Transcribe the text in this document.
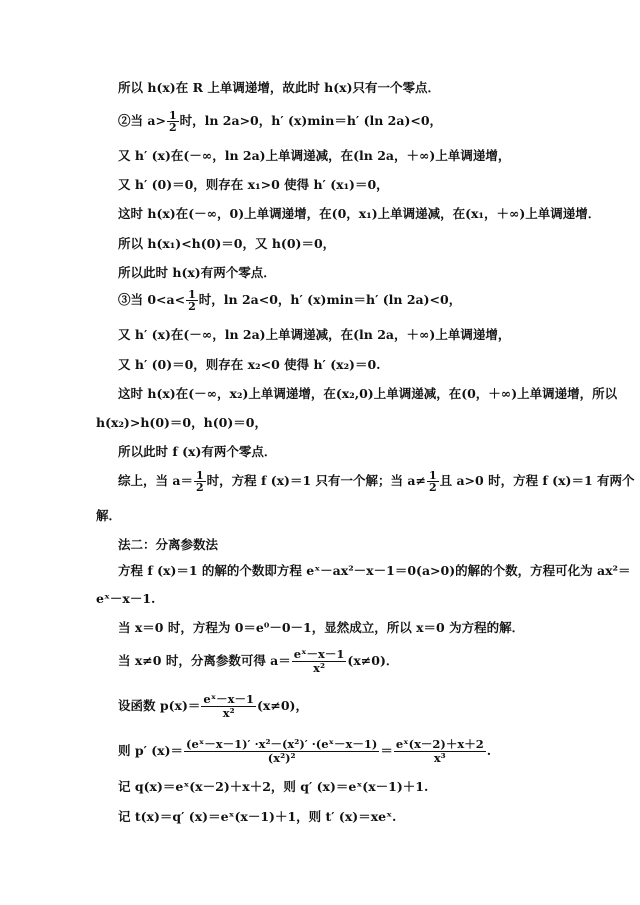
所以 h(x)在 R 上单调递增，故此时 h(x)只有一个零点．
②当 $a> \frac{1}{2}$ 时，ln 2a>0，h′ (x)min＝h′ (ln 2a)<0，
又 h′ (x)在(－∞，ln 2a)上单调递减，在(ln 2a，＋∞)上单调递增，
又 h′ (0)＝0，则存在 x₁>0 使得 h′ (x₁)＝0，
这时 h(x)在(－∞，0)上单调递增，在(0，x₁)上单调递减，在(x₁，＋∞)上单调递增．
所以 h(x₁)<h(0)＝0，又 h(0)＝0，
所以此时 h(x)有两个零点．
③当 $0<a< \frac{1}{2}$ 时，ln 2a<0，h′ (x)min＝h′ (ln 2a)<0，
又 h′ (x)在(－∞，ln 2a)上单调递减，在(ln 2a，＋∞)上单调递增，
又 h′ (0)＝0，则存在 x₂<0 使得 h′ (x₂)＝0.
这时 h(x)在(－∞，x₂)上单调递增，在(x₂,0)上单调递减，在(0，＋∞)上单调递增，所以
h(x₂)>h(0)＝0，h(0)＝0，
所以此时 f (x)有两个零点．
综上，当 $a= \frac{1}{2}$ 时，方程 f (x)＝1 只有一个解；当 $a\ne \frac{1}{2}$ 且 a>0 时，方程 f (x)＝1 有两个
解．
法二：分离参数法
方程 f (x)＝1 的解的个数即方程 eˣ－ax²－x－1＝0(a>0)的解的个数，方程可化为 ax²＝
eˣ－x－1.
当 x＝0 时，方程为 0＝e⁰－0－1，显然成立，所以 x＝0 为方程的解．
当 x≠0 时，分离参数可得 $a= \frac{\text{eˣ－x－1}}{\text{x²}} (x\ne 0)$．
设函数 $p(x)= \frac{\text{eˣ－x－1}}{\text{x²}} (x\ne 0)$，
则 p′ $(x)= \frac{\text{(eˣ－x－1)′ ·x²－(x²)′ ·(eˣ－x－1)}}{\text{(x²)²}} = \frac{\text{eˣ(x－2)＋x＋2}}{\text{x³}}$ .
记 q(x)＝eˣ(x－2)＋x＋2，则 q′ (x)＝eˣ(x－1)＋1.
记 t(x)＝q′ (x)＝eˣ(x－1)＋1，则 t′ (x)＝xeˣ.
